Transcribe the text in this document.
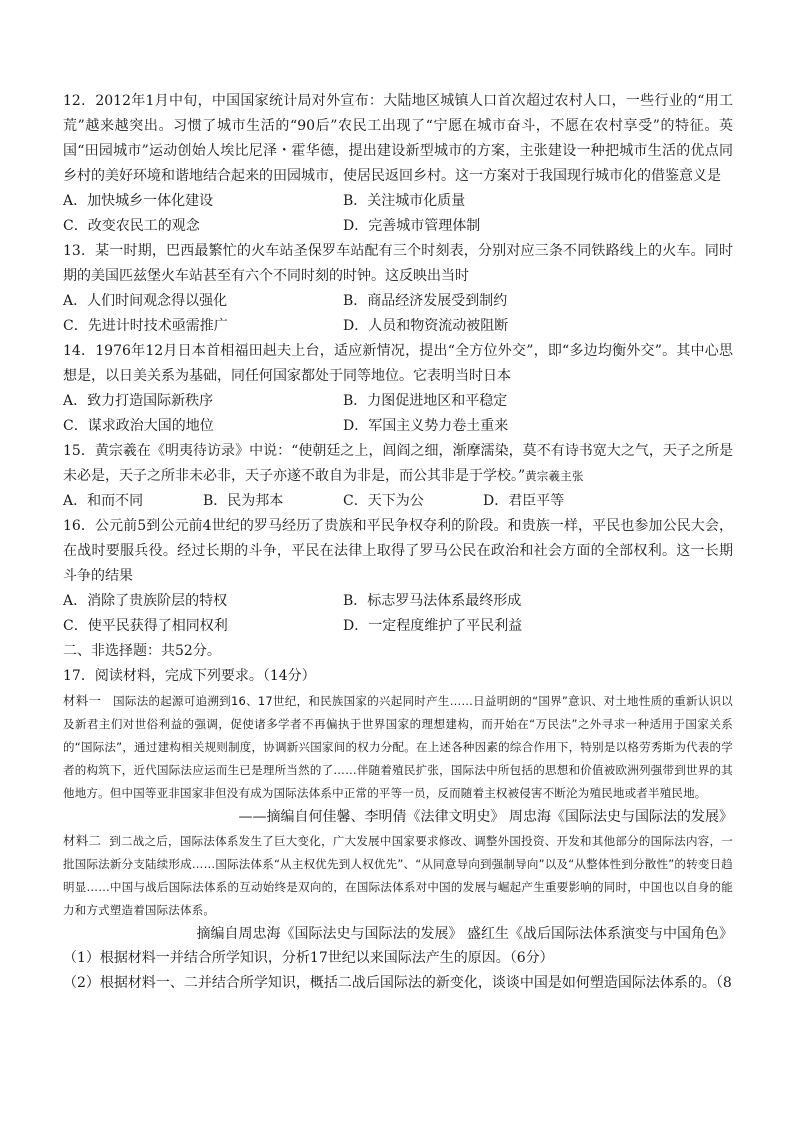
12．2012年1月中旬，中国国家统计局对外宣布：大陆地区城镇人口首次超过农村人口，一些行业的“用工荒”越来越突出。习惯了城市生活的“90后”农民工出现了“宁愿在城市奋斗，不愿在农村享受”的特征。英国“田园城市”运动创始人埃比尼泽・霍华德，提出建设新型城市的方案，主张建设一种把城市生活的优点同乡村的美好环境和谐地结合起来的田园城市，使居民返回乡村。这一方案对于我国现行城市化的借鉴意义是

A．加快城乡一体化建设	B．关注城市化质量
C．改变农民工的观念	D．完善城市管理体制

13．某一时期，巴西最繁忙的火车站圣保罗车站配有三个时刻表，分别对应三条不同铁路线上的火车。同时期的美国匹兹堡火车站甚至有六个不同时刻的时钟。这反映出当时

A．人们时间观念得以强化	B．商品经济发展受到制约
C．先进计时技术亟需推广	D．人员和物资流动被阻断

14．1976年12月日本首相福田赳夫上台，适应新情况，提出“全方位外交”，即“多边均衡外交”。其中心思想是，以日美关系为基础，同任何国家都处于同等地位。它表明当时日本

A．致力打造国际新秩序	B．力图促进地区和平稳定
C．谋求政治大国的地位	D．军国主义势力卷土重来

15．黄宗羲在《明夷待访录》中说：“使朝廷之上，闾阎之细，渐摩濡染，莫不有诗书宽大之气，天子之所是未必是，天子之所非未必非，天子亦遂不敢自为非是，而公其非是于学校。”黄宗羲主张

A．和而不同	B．民为邦本	C．天下为公	D．君臣平等

16．公元前5到公元前4世纪的罗马经历了贵族和平民争权夺利的阶段。和贵族一样，平民也参加公民大会，在战时要服兵役。经过长期的斗争，平民在法律上取得了罗马公民在政治和社会方面的全部权利。这一长期斗争的结果

A．消除了贵族阶层的特权	B．标志罗马法体系最终形成
C．使平民获得了相同权利	D．一定程度维护了平民利益

二、非选择题：共52分。

17．阅读材料，完成下列要求。（14分）

材料一 国际法的起源可追溯到16、17世纪，和民族国家的兴起同时产生……日益明朗的“国界”意识、对土地性质的重新认识以及新君主们对世俗利益的强调，促使诸多学者不再偏执于世界国家的理想建构，而开始在“万民法”之外寻求一种适用于国家关系的“国际法”，通过建构相关规则制度，协调新兴国家间的权力分配。在上述各种因素的综合作用下，特别是以格劳秀斯为代表的学者的构筑下，近代国际法应运而生已是理所当然的了……伴随着殖民扩张，国际法中所包括的思想和价值被欧洲列强带到世界的其他地方。但中国等亚非国家非但没有成为国际法体系中正常的平等一员，反而随着主权被侵害不断沦为殖民地或者半殖民地。

——摘编自何佳馨、李明倩《法律文明史》 周忠海《国际法史与国际法的发展》

材料二 到二战之后，国际法体系发生了巨大变化，广大发展中国家要求修改、调整外国投资、开发和其他部分的国际法内容，一批国际法新分支陆续形成……国际法体系“从主权优先到人权优先”、“从同意导向到强制导向”以及“从整体性到分散性”的转变日趋明显……中国与战后国际法体系的互动始终是双向的，在国际法体系对中国的发展与崛起产生重要影响的同时，中国也以自身的能力和方式塑造着国际法体系。

摘编自周忠海《国际法史与国际法的发展》 盛红生《战后国际法体系演变与中国角色》

（1）根据材料一并结合所学知识，分析17世纪以来国际法产生的原因。（6分）

（2）根据材料一、二并结合所学知识，概括二战后国际法的新变化，谈谈中国是如何塑造国际法体系的。（8
